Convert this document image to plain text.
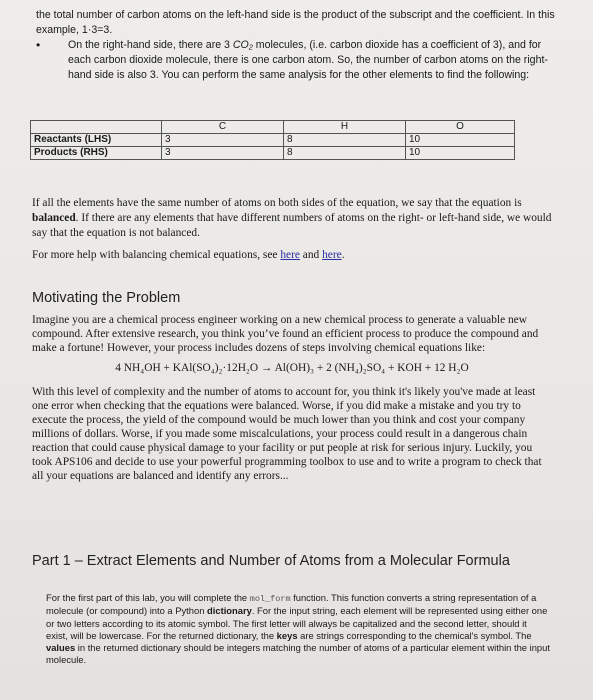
the total number of carbon atoms on the left-hand side is the product of the subscript and the coefficient. In this example, 1·3=3.

•	On the right-hand side, there are 3 CO₂ molecules, (i.e. carbon dioxide has a coefficient of 3), and for each carbon dioxide molecule, there is one carbon atom. So, the number of carbon atoms on the right-hand side is also 3. You can perform the same analysis for the other elements to find the following:
	C	H	O
Reactants (LHS)	3	8	10
Products (RHS)	3	8	10

If all the elements have the same number of atoms on both sides of the equation, we say that the equation is balanced. If there are any elements that have different numbers of atoms on the right- or left-hand side, we would say that the equation is not balanced.

For more help with balancing chemical equations, see here and here.

Motivating the Problem

Imagine you are a chemical process engineer working on a new chemical process to generate a valuable new compound. After extensive research, you think you’ve found an efficient process to produce the compound and make a fortune! However, your process includes dozens of steps involving chemical equations like:

4 NH₄OH + KAl(SO₄)₂·12H₂O → Al(OH)₃ + 2 (NH₄)₂SO₄ + KOH + 12 H₂O

With this level of complexity and the number of atoms to account for, you think it's likely you've made at least one error when checking that the equations were balanced. Worse, if you did make a mistake and you try to execute the process, the yield of the compound would be much lower than you think and cost your company millions of dollars. Worse, if you made some miscalculations, your process could result in a dangerous chain reaction that could cause physical damage to your facility or put people at risk for serious injury. Luckily, you took APS106 and decide to use your powerful programming toolbox to use and to write a program to check that all your equations are balanced and identify any errors...

Part 1 – Extract Elements and Number of Atoms from a Molecular Formula
For the first part of this lab, you will complete the mol_form function. This function converts a string representation of a molecule (or compound) into a Python dictionary. For the input string, each element will be represented using either one or two letters according to its atomic symbol. The first letter will always be capitalized and the second letter, should it exist, will be lowercase. For the returned dictionary, the keys are strings corresponding to the chemical's symbol. The values in the returned dictionary should be integers matching the number of atoms of a particular element within the input molecule.
